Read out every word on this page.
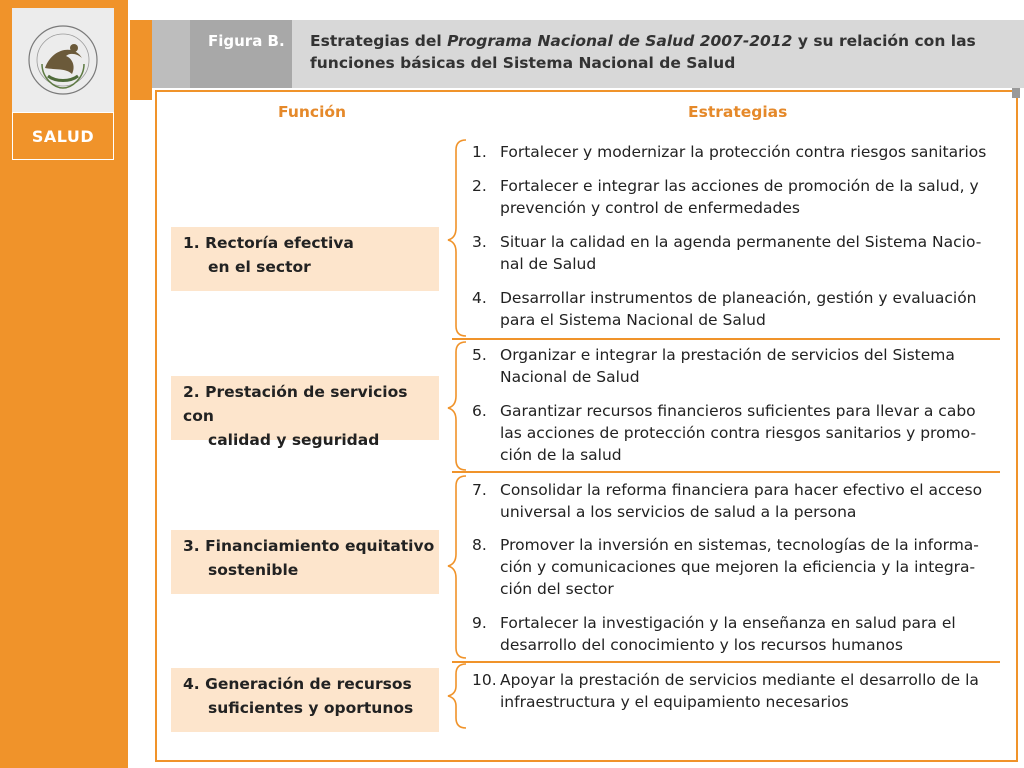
SALUD
Figura B.	Estrategias del Programa Nacional de Salud 2007-2012 y su relación con las
funciones básicas del Sistema Nacional de Salud
Función	Estrategias
1. Rectoría efectiva
en el sector
2. Prestación de servicios con
calidad y seguridad
3. Financiamiento equitativo
sostenible
4. Generación de recursos
suficientes y oportunos
1. Fortalecer y modernizar la protección contra riesgos sanitarios
2. Fortalecer e integrar las acciones de promoción de la salud, y
prevención y control de enfermedades
3. Situar la calidad en la agenda permanente del Sistema Nacio-
nal de Salud
4. Desarrollar instrumentos de planeación, gestión y evaluación
para el Sistema Nacional de Salud
5. Organizar e integrar la prestación de servicios del Sistema
Nacional de Salud
6. Garantizar recursos financieros suficientes para llevar a cabo
las acciones de protección contra riesgos sanitarios y promo-
ción de la salud
7. Consolidar la reforma financiera para hacer efectivo el acceso
universal a los servicios de salud a la persona
8. Promover la inversión en sistemas, tecnologías de la informa-
ción y comunicaciones que mejoren la eficiencia y la integra-
ción del sector
9. Fortalecer la investigación y la enseñanza en salud para el
desarrollo del conocimiento y los recursos humanos
10. Apoyar la prestación de servicios mediante el desarrollo de la
infraestructura y el equipamiento necesarios
